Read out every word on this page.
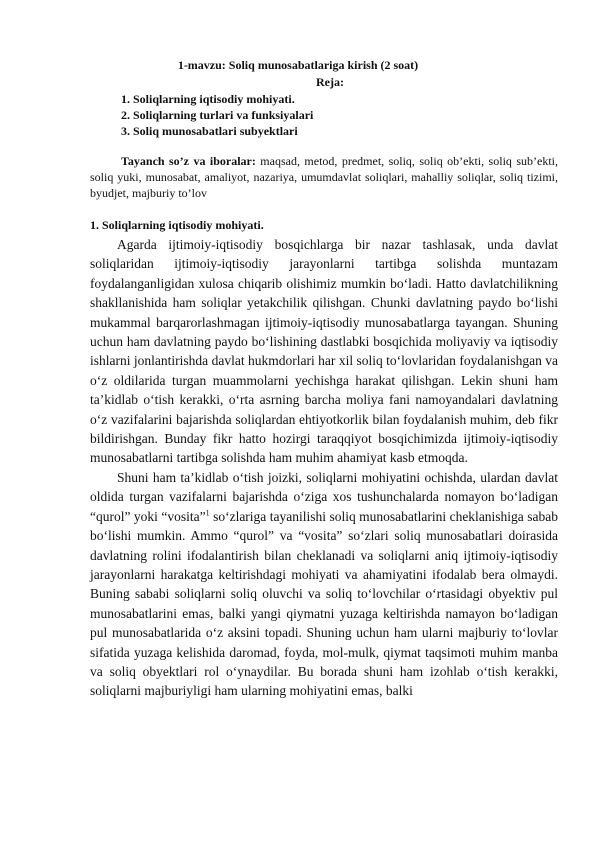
1-mavzu: Soliq munosabatlariga kirish (2 soat)
Reja:
1. Soliqlarning iqtisodiy mohiyati.
2. Soliqlarning turlari va funksiyalari
3. Soliq munosabatlari subyektlari

Tayanch so’z va iboralar: maqsad, metod, predmet, soliq, soliq ob’ekti, soliq sub’ekti, soliq yuki, munosabat, amaliyot, nazariya, umumdavlat soliqlari, mahalliy soliqlar, soliq tizimi, byudjet, majburiy to’lov

1. Soliqlarning iqtisodiy mohiyati.

Agarda ijtimoiy-iqtisodiy bosqichlarga bir nazar tashlasak, unda davlat soliqlaridan ijtimoiy-iqtisodiy jarayonlarni tartibga solishda muntazam foydalanganligidan xulosa chiqarib olishimiz mumkin bo‘ladi. Hatto davlatchilikning shakllanishida ham soliqlar yetakchilik qilishgan. Chunki davlatning paydo bo‘lishi mukammal barqarorlashmagan ijtimoiy-iqtisodiy munosabatlarga tayangan. Shuning uchun ham davlatning paydo bo‘lishining dastlabki bosqichida moliyaviy va iqtisodiy ishlarni jonlantirishda davlat hukmdorlari har xil soliq to‘lovlaridan foydalanishgan va o‘z oldilarida turgan muammolarni yechishga harakat qilishgan. Lekin shuni ham ta’kidlab o‘tish kerakki, o‘rta asrning barcha moliya fani namoyandalari davlatning o‘z vazifalarini bajarishda soliqlardan ehtiyotkorlik bilan foydalanish muhim, deb fikr bildirishgan. Bunday fikr hatto hozirgi taraqqiyot bosqichimizda ijtimoiy-iqtisodiy munosabatlarni tartibga solishda ham muhim ahamiyat kasb etmoqda.

Shuni ham ta’kidlab o‘tish joizki, soliqlarni mohiyatini ochishda, ulardan davlat oldida turgan vazifalarni bajarishda o‘ziga xos tushunchalarda nomayon bo‘ladigan “qurol” yoki “vosita”$^1$ so‘zlariga tayanilishi soliq munosabatlarini cheklanishiga sabab bo‘lishi mumkin. Ammo “qurol” va “vosita” so‘zlari soliq munosabatlari doirasida davlatning rolini ifodalantirish bilan cheklanadi va soliqlarni aniq ijtimoiy-iqtisodiy jarayonlarni harakatga keltirishdagi mohiyati va ahamiyatini ifodalab bera olmaydi. Buning sababi soliqlarni soliq oluvchi va soliq to‘lovchilar o‘rtasidagi obyektiv pul munosabatlarini emas, balki yangi qiymatni yuzaga keltirishda namayon bo‘ladigan pul munosabatlarida o‘z aksini topadi. Shuning uchun ham ularni majburiy to‘lovlar sifatida yuzaga kelishida daromad, foyda, mol-mulk, qiymat taqsimoti muhim manba va soliq obyektlari rol o‘ynaydilar. Bu borada shuni ham izohlab o‘tish kerakki, soliqlarni majburiyligi ham ularning mohiyatini emas, balki
